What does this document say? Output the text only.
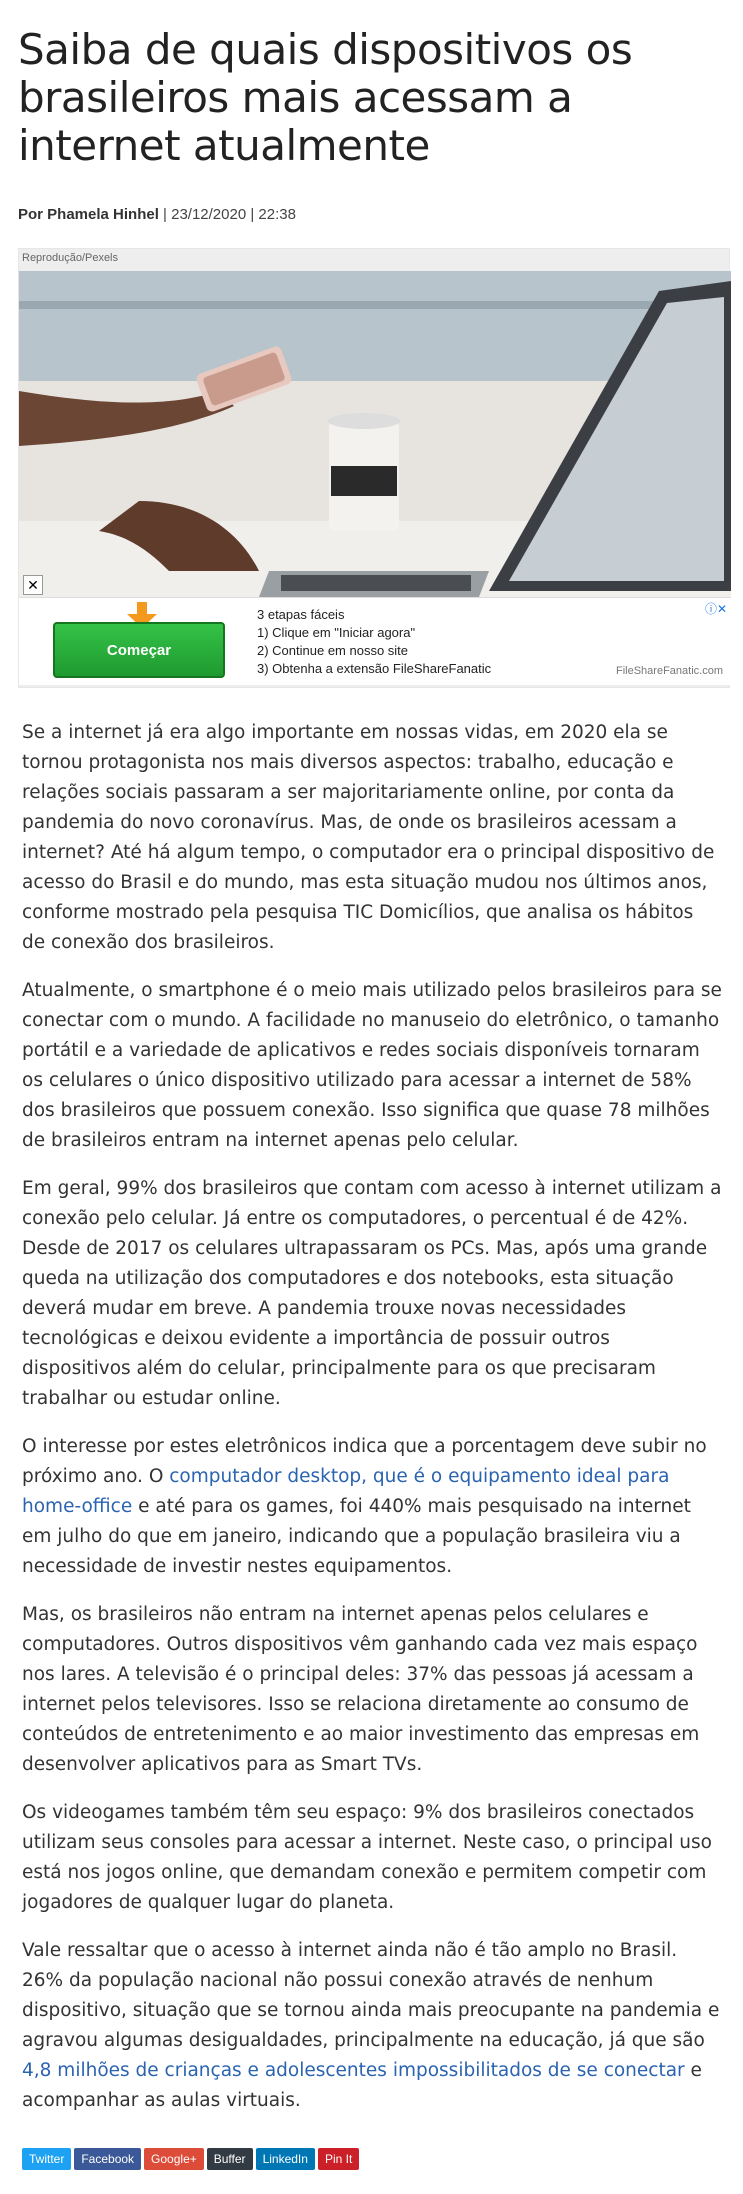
Saiba de quais dispositivos os brasileiros mais acessam a internet atualmente
Por Phamela Hinhel | 23/12/2020 | 22:38
Reprodução/Pexels
✕
ⓘ✕
Começar
3 etapas fáceis
1) Clique em "Iniciar agora"
2) Continue em nosso site
3) Obtenha a extensão FileShareFanatic	FileShareFanatic.com

Se a internet já era algo importante em nossas vidas, em 2020 ela se tornou protagonista nos mais diversos aspectos: trabalho, educação e relações sociais passaram a ser majoritariamente online, por conta da pandemia do novo coronavírus. Mas, de onde os brasileiros acessam a internet? Até há algum tempo, o computador era o principal dispositivo de acesso do Brasil e do mundo, mas esta situação mudou nos últimos anos, conforme mostrado pela pesquisa TIC Domicílios, que analisa os hábitos de conexão dos brasileiros.

Atualmente, o smartphone é o meio mais utilizado pelos brasileiros para se conectar com o mundo. A facilidade no manuseio do eletrônico, o tamanho portátil e a variedade de aplicativos e redes sociais disponíveis tornaram os celulares o único dispositivo utilizado para acessar a internet de 58% dos brasileiros que possuem conexão. Isso significa que quase 78 milhões de brasileiros entram na internet apenas pelo celular.

Em geral, 99% dos brasileiros que contam com acesso à internet utilizam a conexão pelo celular. Já entre os computadores, o percentual é de 42%. Desde de 2017 os celulares ultrapassaram os PCs. Mas, após uma grande queda na utilização dos computadores e dos notebooks, esta situação deverá mudar em breve. A pandemia trouxe novas necessidades tecnológicas e deixou evidente a importância de possuir outros dispositivos além do celular, principalmente para os que precisaram trabalhar ou estudar online.

O interesse por estes eletrônicos indica que a porcentagem deve subir no próximo ano. O computador desktop, que é o equipamento ideal para home-office e até para os games, foi 440% mais pesquisado na internet em julho do que em janeiro, indicando que a população brasileira viu a necessidade de investir nestes equipamentos.

Mas, os brasileiros não entram na internet apenas pelos celulares e computadores. Outros dispositivos vêm ganhando cada vez mais espaço nos lares. A televisão é o principal deles: 37% das pessoas já acessam a internet pelos televisores. Isso se relaciona diretamente ao consumo de conteúdos de entretenimento e ao maior investimento das empresas em desenvolver aplicativos para as Smart TVs.

Os videogames também têm seu espaço: 9% dos brasileiros conectados utilizam seus consoles para acessar a internet. Neste caso, o principal uso está nos jogos online, que demandam conexão e permitem competir com jogadores de qualquer lugar do planeta.

Vale ressaltar que o acesso à internet ainda não é tão amplo no Brasil. 26% da população nacional não possui conexão através de nenhum dispositivo, situação que se tornou ainda mais preocupante na pandemia e agravou algumas desigualdades, principalmente na educação, já que são 4,8 milhões de crianças e adolescentes impossibilitados de se conectar e acompanhar as aulas virtuais.

Twitter	Facebook	Google+	Buffer	LinkedIn	Pin It
